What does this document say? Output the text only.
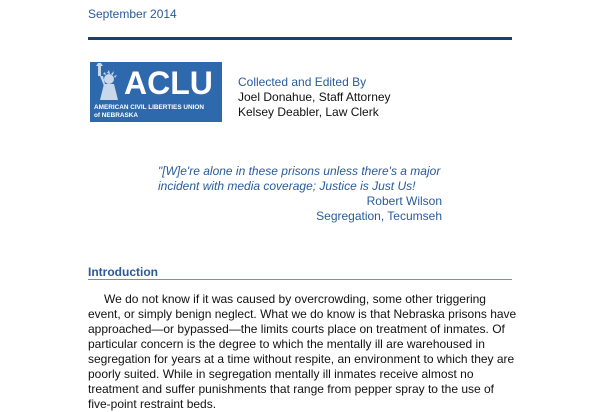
September 2014
ACLU
AMERICAN CIVIL LIBERTIES UNION
of NEBRASKA
Collected and Edited By
Joel Donahue, Staff Attorney
Kelsey Deabler, Law Clerk
"[W]e're alone in these prisons unless there's a major
incident with media coverage; Justice is Just Us!
Robert Wilson
Segregation, Tecumseh
Introduction
We do not know if it was caused by overcrowding, some other triggering
event, or simply benign neglect. What we do know is that Nebraska prisons have
approached—or bypassed—the limits courts place on treatment of inmates. Of
particular concern is the degree to which the mentally ill are warehoused in
segregation for years at a time without respite, an environment to which they are
poorly suited. While in segregation mentally ill inmates receive almost no
treatment and suffer punishments that range from pepper spray to the use of
five-point restraint beds.
